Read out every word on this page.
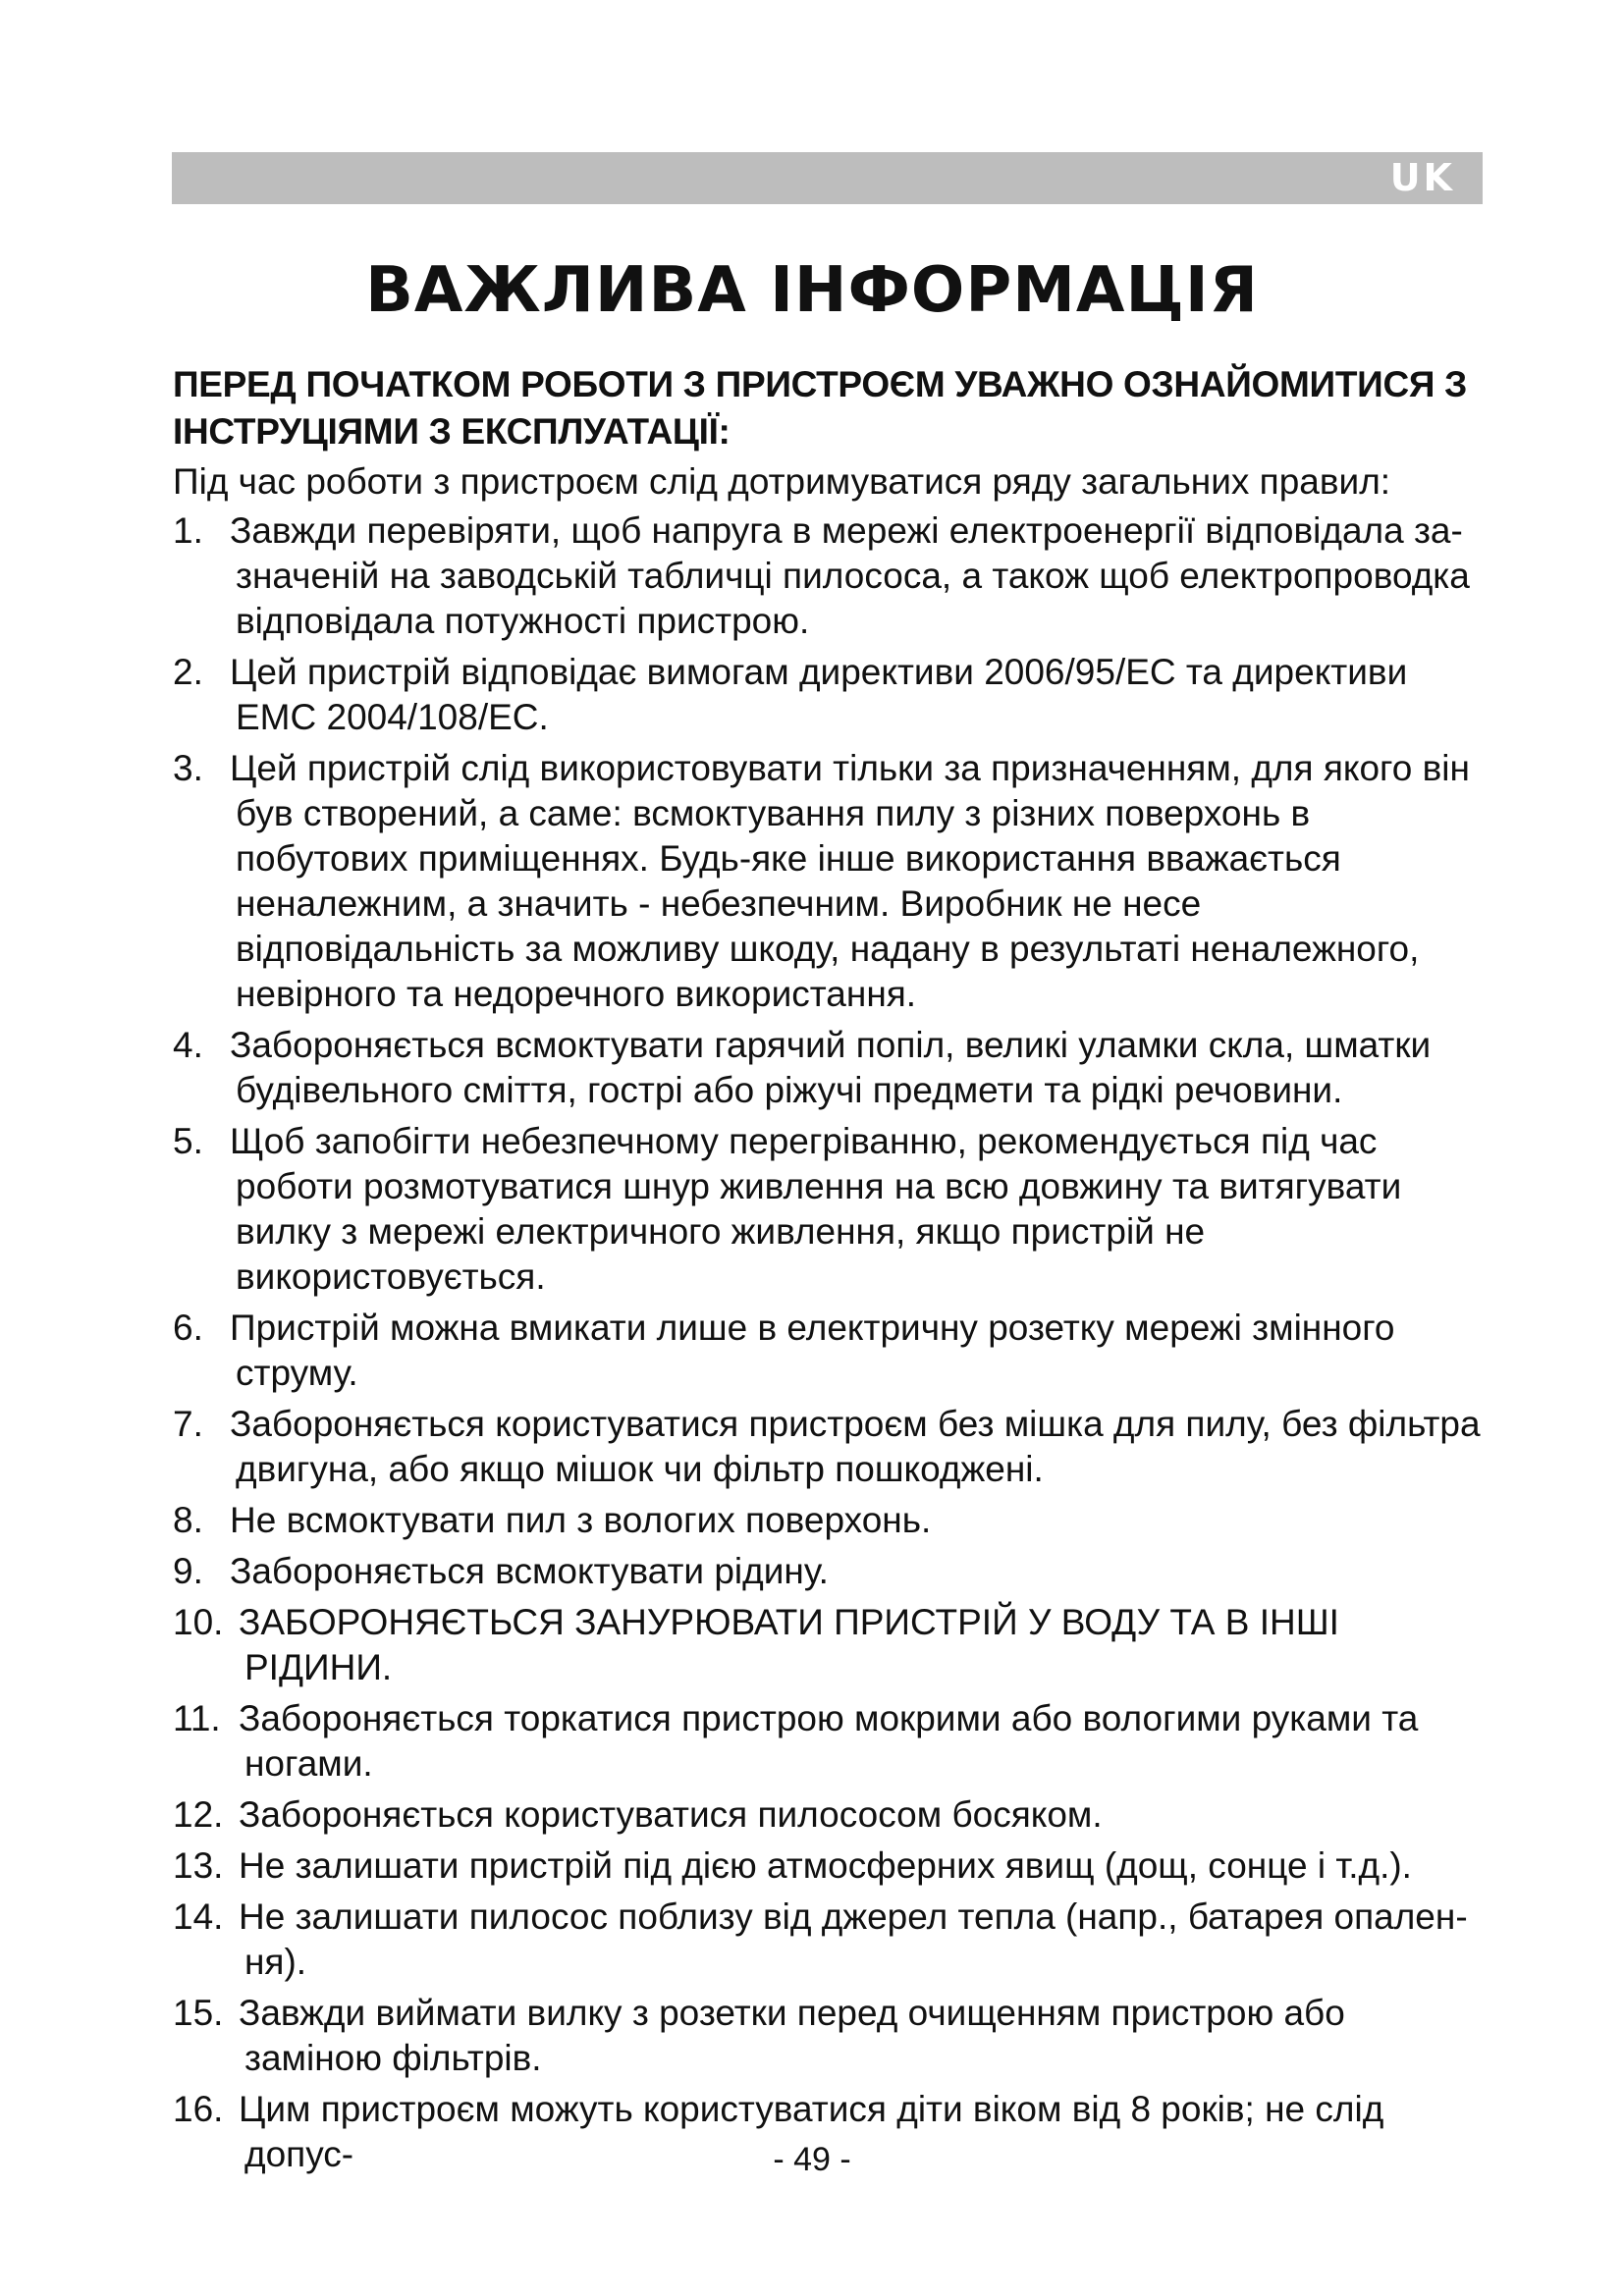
UK
ВАЖЛИВА ІНФОРМАЦІЯ

ПЕРЕД ПОЧАТКОМ РОБОТИ З ПРИСТРОЄМ УВАЖНО ОЗНАЙОМИТИСЯ З ІНСТРУЦІЯМИ З ЕКСПЛУАТАЦІЇ:

Під час роботи з пристроєм слід дотримуватися ряду загальних правил:

1. Завжди перевіряти, щоб напруга в мережі електроенергії відповідала зазначеній на заводській табличці пилососа, а також щоб електропроводка відповідала потужності пристрою.
2. Цей пристрій відповідає вимогам директиви 2006/95/EC та директиви EMC 2004/108/EC.
3. Цей пристрій слід використовувати тільки за призначенням, для якого він був створений, а саме: всмоктування пилу з різних поверхонь в побутових приміщеннях. Будь-яке інше використання вважається неналежним, а значить - небезпечним. Виробник не несе відповідальність за можливу шкоду, надану в результаті неналежного, невірного та недоречного використання.
4. Забороняється всмоктувати гарячий попіл, великі уламки скла, шматки будівельного сміття, гострі або ріжучі предмети та рідкі речовини.
5. Щоб запобігти небезпечному перегріванню, рекомендується під час роботи розмотуватися шнур живлення на всю довжину та витягувати вилку з мережі електричного живлення, якщо пристрій не використовується.
6. Пристрій можна вмикати лише в електричну розетку мережі змінного струму.
7. Забороняється користуватися пристроєм без мішка для пилу, без фільтра двигуна, або якщо мішок чи фільтр пошкоджені.
8. Не всмоктувати пил з вологих поверхонь.
9. Забороняється всмоктувати рідину.
10. ЗАБОРОНЯЄТЬСЯ ЗАНУРЮВАТИ ПРИСТРІЙ У ВОДУ ТА В ІНШІ РІДИНИ.
11. Забороняється торкатися пристрою мокрими або вологими руками та ногами.
12. Забороняється користуватися пилососом босяком.
13. Не залишати пристрій під дією атмосферних явищ (дощ, сонце і т.д.).
14. Не залишати пилосос поблизу від джерел тепла (напр., батарея опалення).
15. Завжди виймати вилку з розетки перед очищенням пристрою або заміною фільтрів.
16. Цим пристроєм можуть користуватися діти віком від 8 років; не слід допус-	- 49 -
